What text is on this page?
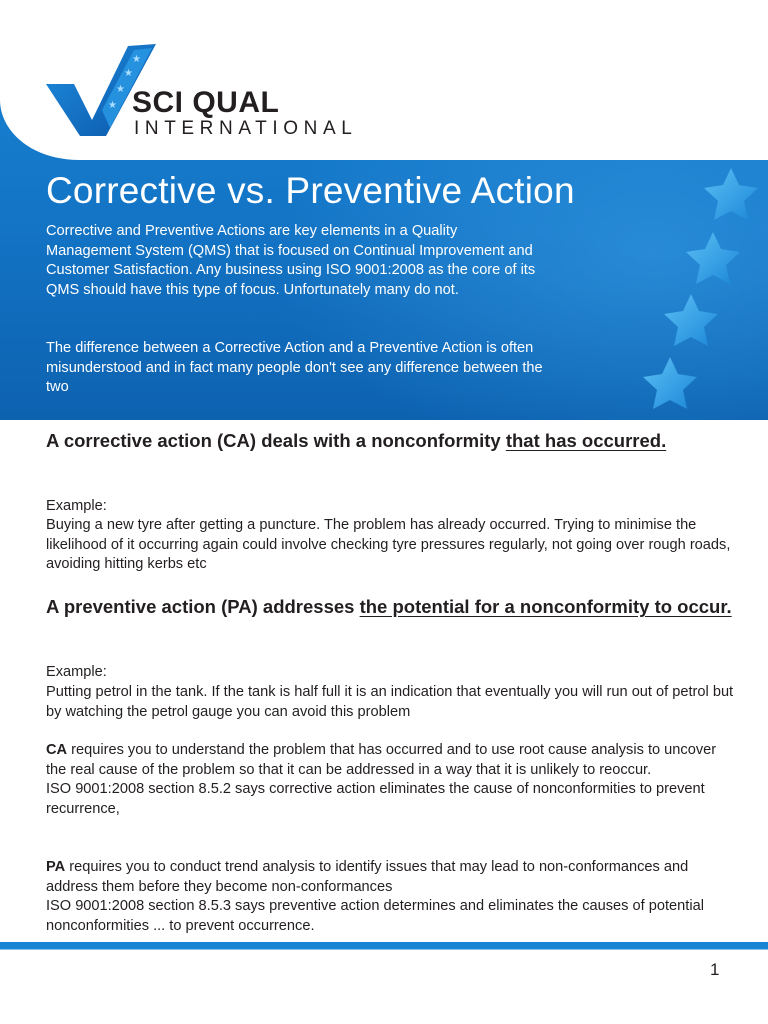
★
★
★
★
SCI QUAL
INTERNATIONAL
Corrective vs. Preventive Action

Corrective and Preventive Actions are key elements in a Quality Management System (QMS) that is focused on Continual Improvement and Customer Satisfaction. Any business using ISO 9001:2008 as the core of its QMS should have this type of focus. Unfortunately many do not.

The difference between a Corrective Action and a Preventive Action is often misunderstood and in fact many people don't see any difference between the two

A corrective action (CA) deals with a nonconformity that has occurred.

Example:

Buying a new tyre after getting a puncture. The problem has already occurred. Trying to minimise the likelihood of it occurring again could involve checking tyre pressures regularly, not going over rough roads, avoiding hitting kerbs etc

A preventive action (PA) addresses the potential for a nonconformity to occur.

Example:

Putting petrol in the tank. If the tank is half full it is an indication that eventually you will run out of petrol but by watching the petrol gauge you can avoid this problem

CA requires you to understand the problem that has occurred and to use root cause analysis to uncover the real cause of the problem so that it can be addressed in a way that it is unlikely to reoccur.
ISO 9001:2008 section 8.5.2 says corrective action eliminates the cause of nonconformities to prevent recurrence,

PA requires you to conduct trend analysis to identify issues that may lead to non-conformances and address them before they become non-conformances
ISO 9001:2008 section 8.5.3 says preventive action determines and eliminates the causes of potential nonconformities ... to prevent occurrence.

1
